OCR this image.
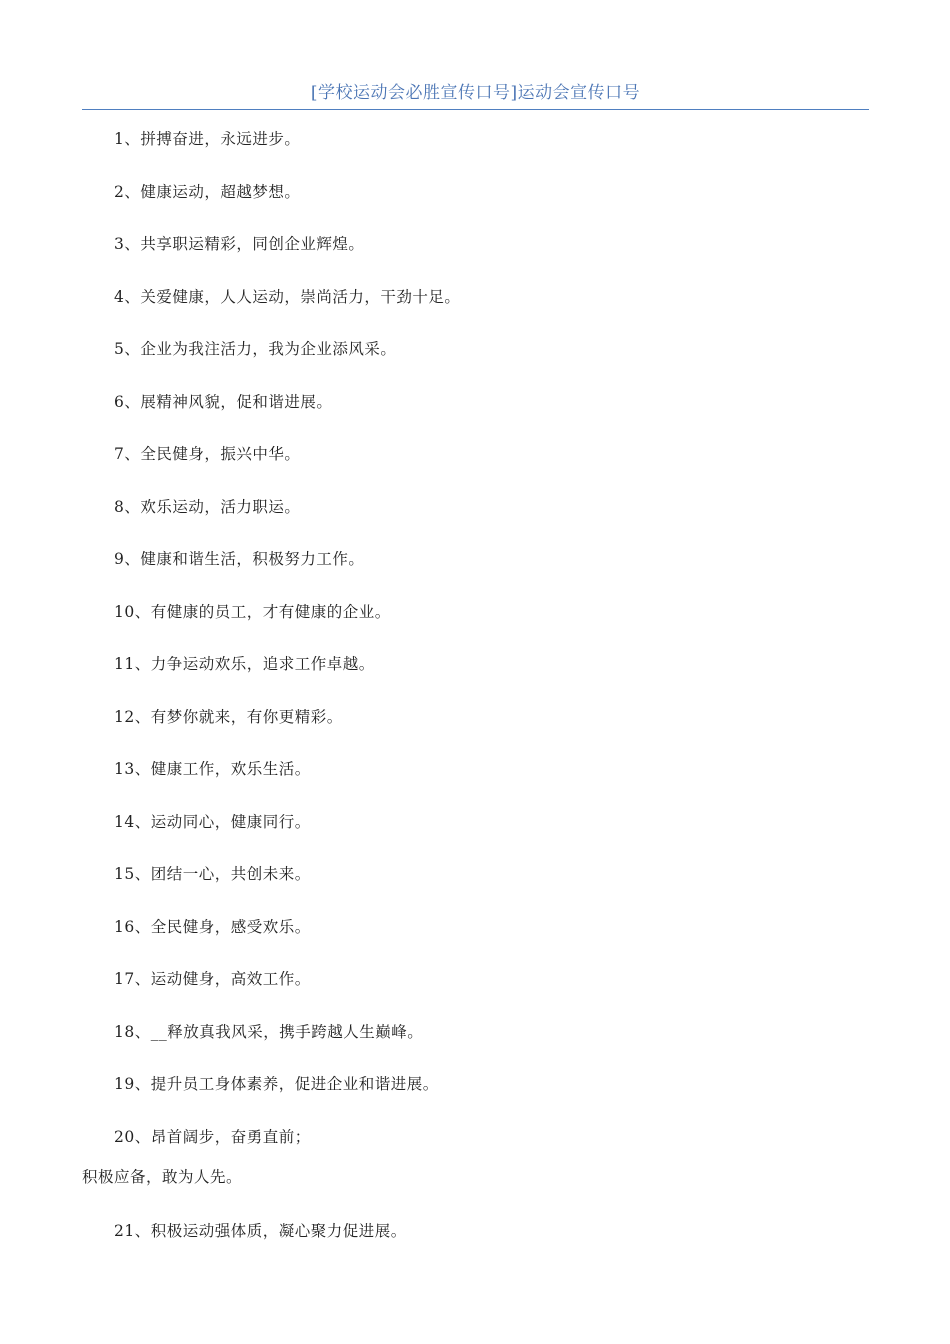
[学校运动会必胜宣传口号]运动会宣传口号
1、拼搏奋进，永远进步。
2、健康运动，超越梦想。
3、共享职运精彩，同创企业辉煌。
4、关爱健康，人人运动，崇尚活力，干劲十足。
5、企业为我注活力，我为企业添风采。
6、展精神风貌，促和谐进展。
7、全民健身，振兴中华。
8、欢乐运动，活力职运。
9、健康和谐生活，积极努力工作。
10、有健康的员工，才有健康的企业。
11、力争运动欢乐，追求工作卓越。
12、有梦你就来，有你更精彩。
13、健康工作，欢乐生活。
14、运动同心，健康同行。
15、团结一心，共创未来。
16、全民健身，感受欢乐。
17、运动健身，高效工作。
18、__释放真我风采，携手跨越人生巅峰。
19、提升员工身体素养，促进企业和谐进展。
20、昂首阔步，奋勇直前；
积极应备，敢为人先。
21、积极运动强体质，凝心聚力促进展。
